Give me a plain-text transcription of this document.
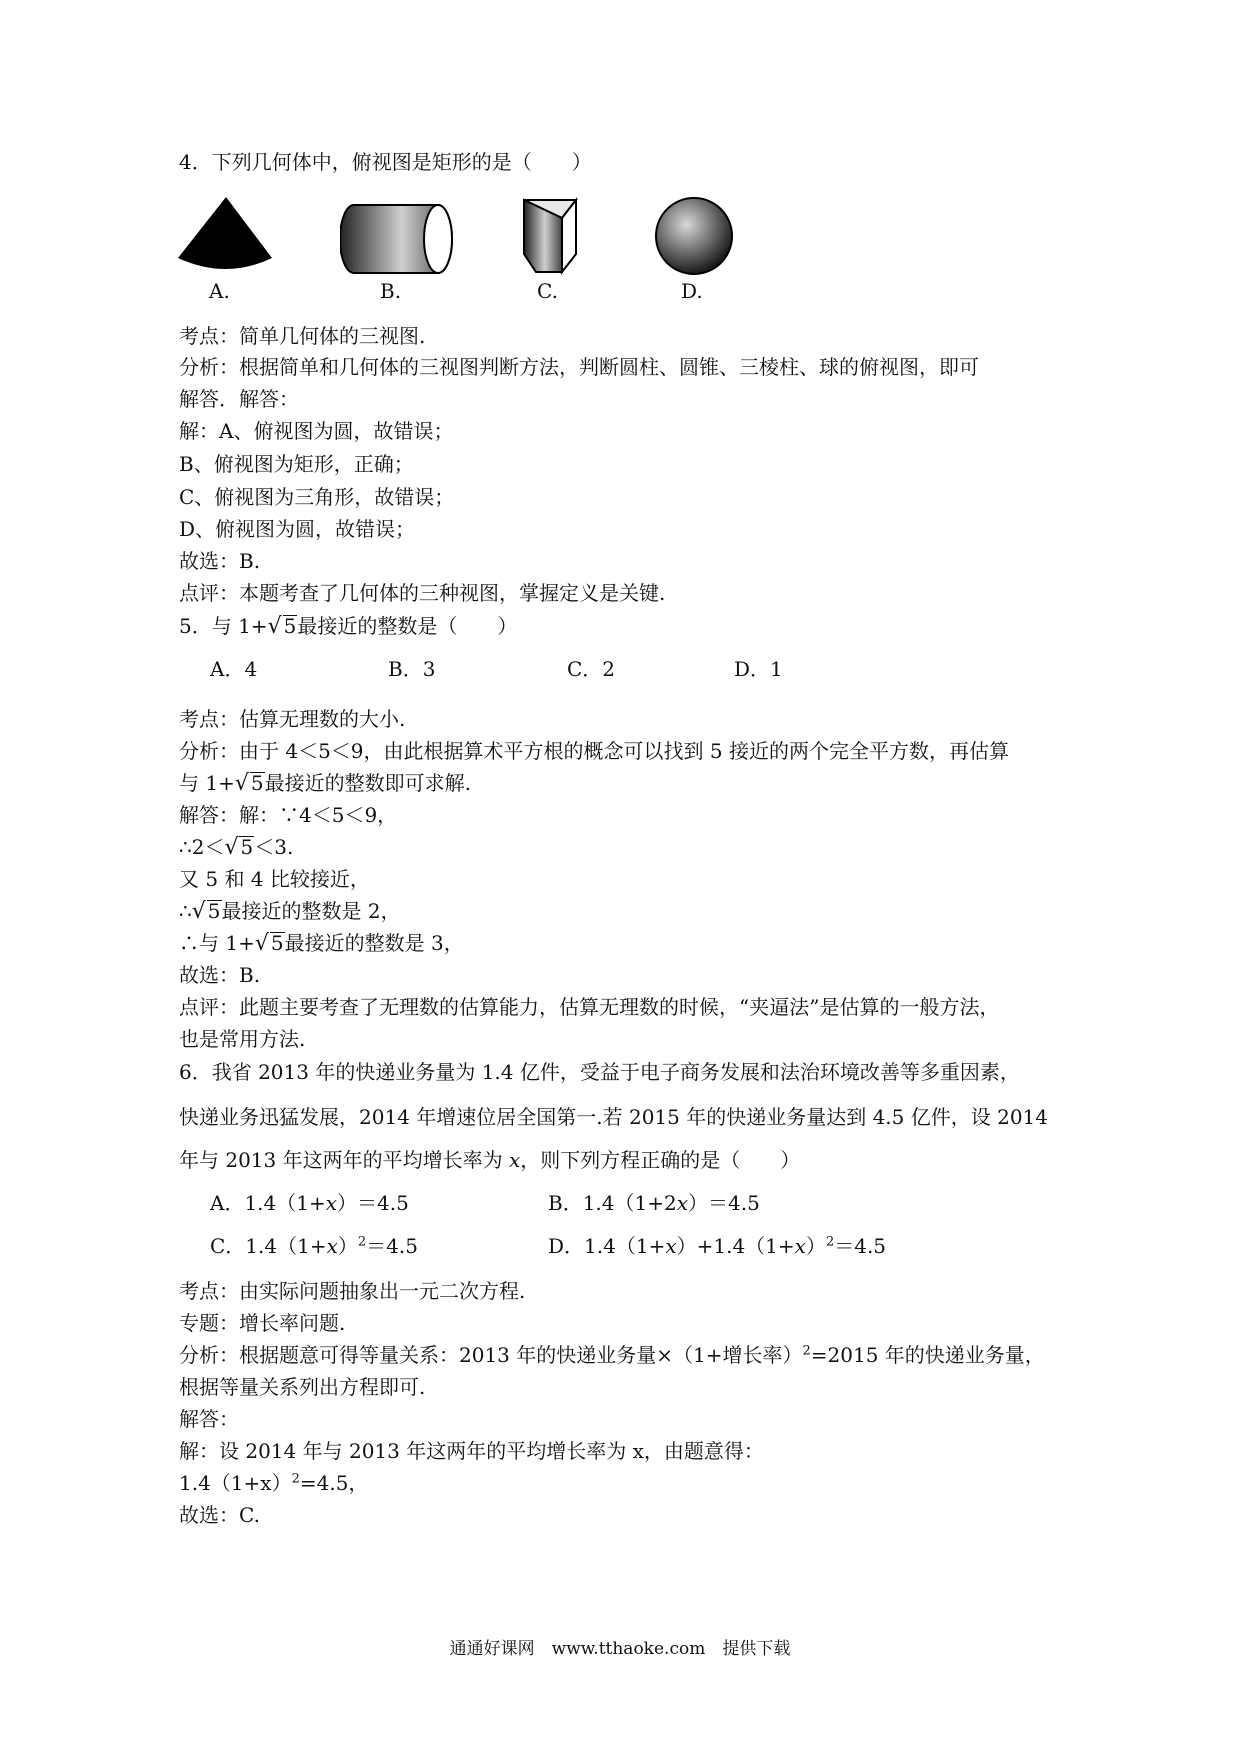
4．下列几何体中，俯视图是矩形的是（　　）
A.	B.	C.	D.
考点：简单几何体的三视图.
分析：根据简单和几何体的三视图判断方法，判断圆柱、圆锥、三棱柱、球的俯视图，即可
解答．解答：
解：A、俯视图为圆，故错误；
B、俯视图为矩形，正确；
C、俯视图为三角形，故错误；
D、俯视图为圆，故错误；
故选：B.
点评：本题考查了几何体的三种视图，掌握定义是关键.
5．与 1+√ 5最接近的整数是（　　）
A．4	B．3	C．2	D．1
考点：估算无理数的大小.
分析：由于 4＜5＜9，由此根据算术平方根的概念可以找到 5 接近的两个完全平方数，再估算
与 1+√ 5最接近的整数即可求解.
解答：解：∵4＜5＜9，
∴2＜√ 5＜3.
又 5 和 4 比较接近，
∴√ 5最接近的整数是 2，
∴与 1+√ 5最接近的整数是 3，
故选：B.
点评：此题主要考查了无理数的估算能力，估算无理数的时候，“夹逼法”是估算的一般方法，
也是常用方法.
6．我省 2013 年的快递业务量为 1.4 亿件，受益于电子商务发展和法治环境改善等多重因素，
快递业务迅猛发展，2014 年增速位居全国第一.若 2015 年的快递业务量达到 4.5 亿件，设 2014
年与 2013 年这两年的平均增长率为 x，则下列方程正确的是（　　）
A．1.4（1+x）＝4.5	B．1.4（1+2x）＝4.5
C．$1.4(1+x)^2=4.5$	D．$1.4(1+x)+1.4(1+x)^2=4.5$
考点：由实际问题抽象出一元二次方程.
专题：增长率问题.
分析：根据题意可得等量关系：2013 年的快递业务量×（1+增长率）$^2$=2015 年的快递业务量，
根据等量关系列出方程即可.
解答：
解：设 2014 年与 2013 年这两年的平均增长率为 x，由题意得：
$1.4(1+x)^2=4.5$，
故选：C.
通通好课网　www.tthaoke.com　提供下载
